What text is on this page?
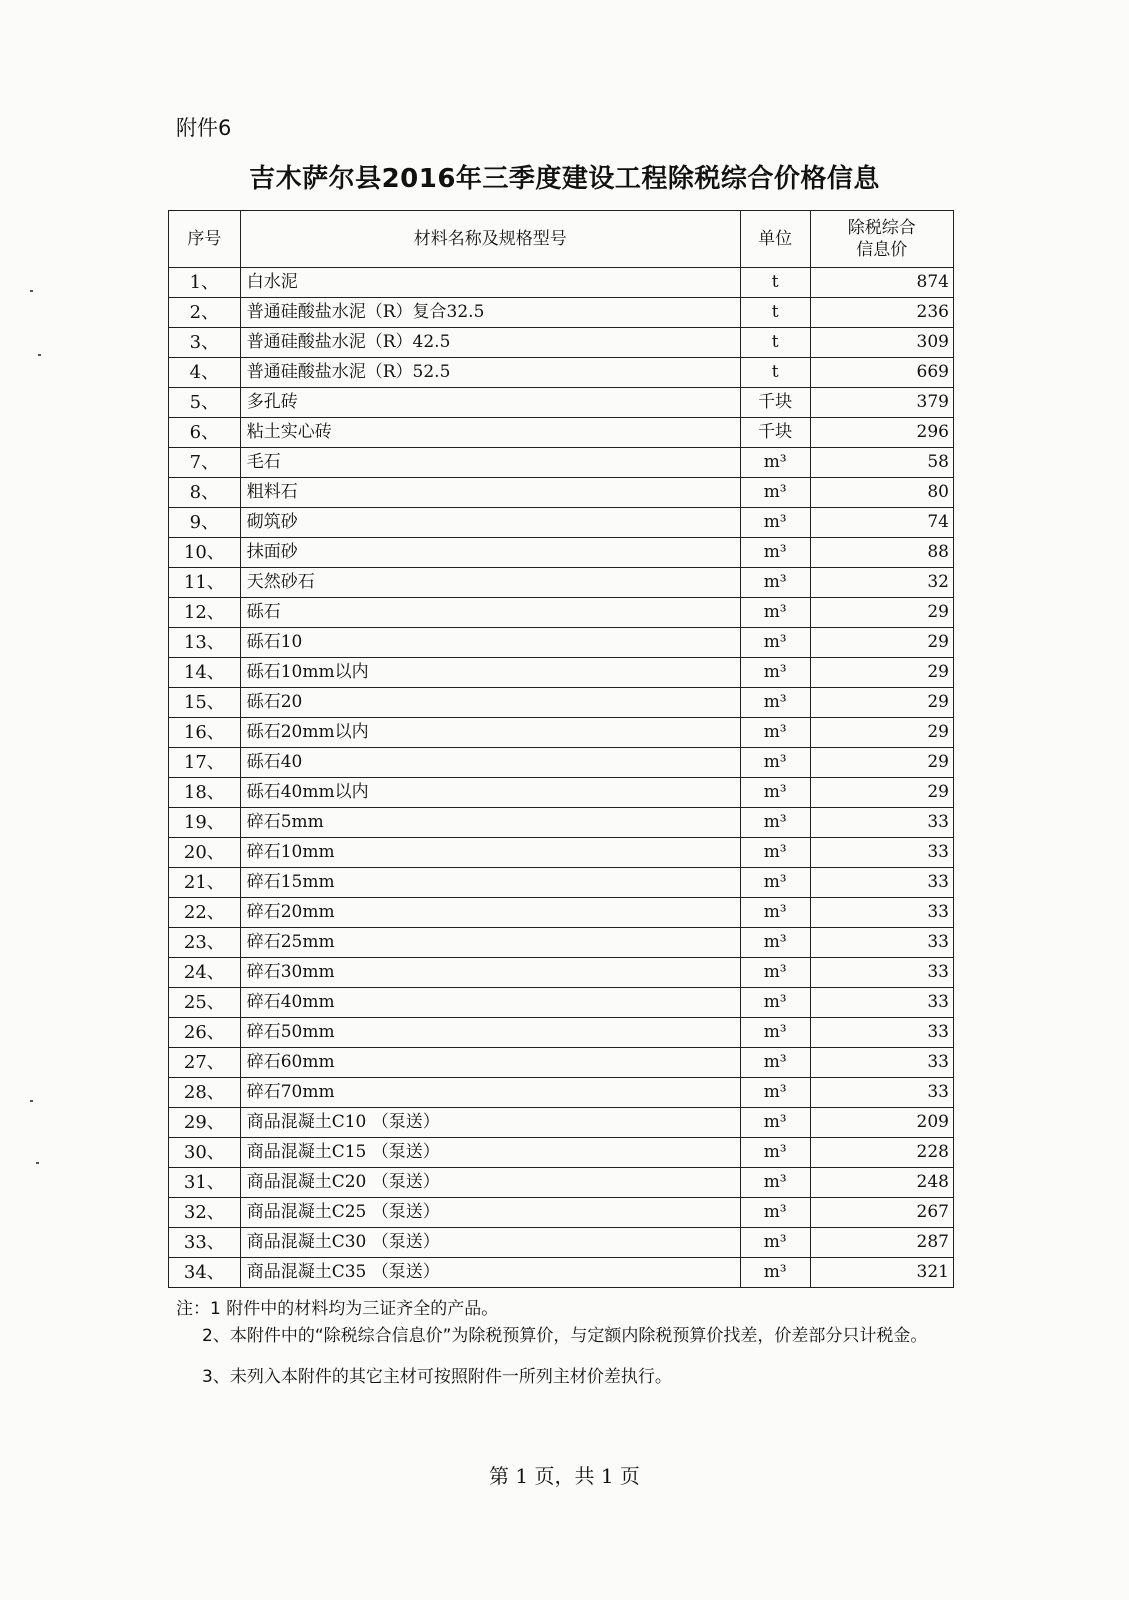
附件6
吉木萨尔县2016年三季度建设工程除税综合价格信息
序号	材料名称及规格型号	单位	除税综合
信息价
1、	白水泥	t	874
2、	普通硅酸盐水泥（R）复合32.5	t	236
3、	普通硅酸盐水泥（R）42.5	t	309
4、	普通硅酸盐水泥（R）52.5	t	669
5、	多孔砖	千块	379
6、	粘土实心砖	千块	296
7、	毛石	m³	58
8、	粗料石	m³	80
9、	砌筑砂	m³	74
10、	抹面砂	m³	88
11、	天然砂石	m³	32
12、	砾石	m³	29
13、	砾石10	m³	29
14、	砾石10mm以内	m³	29
15、	砾石20	m³	29
16、	砾石20mm以内	m³	29
17、	砾石40	m³	29
18、	砾石40mm以内	m³	29
19、	碎石5mm	m³	33
20、	碎石10mm	m³	33
21、	碎石15mm	m³	33
22、	碎石20mm	m³	33
23、	碎石25mm	m³	33
24、	碎石30mm	m³	33
25、	碎石40mm	m³	33
26、	碎石50mm	m³	33
27、	碎石60mm	m³	33
28、	碎石70mm	m³	33
29、	商品混凝土C10 （泵送）	m³	209
30、	商品混凝土C15 （泵送）	m³	228
31、	商品混凝土C20 （泵送）	m³	248
32、	商品混凝土C25 （泵送）	m³	267
33、	商品混凝土C30 （泵送）	m³	287
34、	商品混凝土C35 （泵送）	m³	321

注：1 附件中的材料均为三证齐全的产品。

2、本附件中的“除税综合信息价”为除税预算价，与定额内除税预算价找差，价差部分只计税金。

3、未列入本附件的其它主材可按照附件一所列主材价差执行。

第 1 页，共 1 页
